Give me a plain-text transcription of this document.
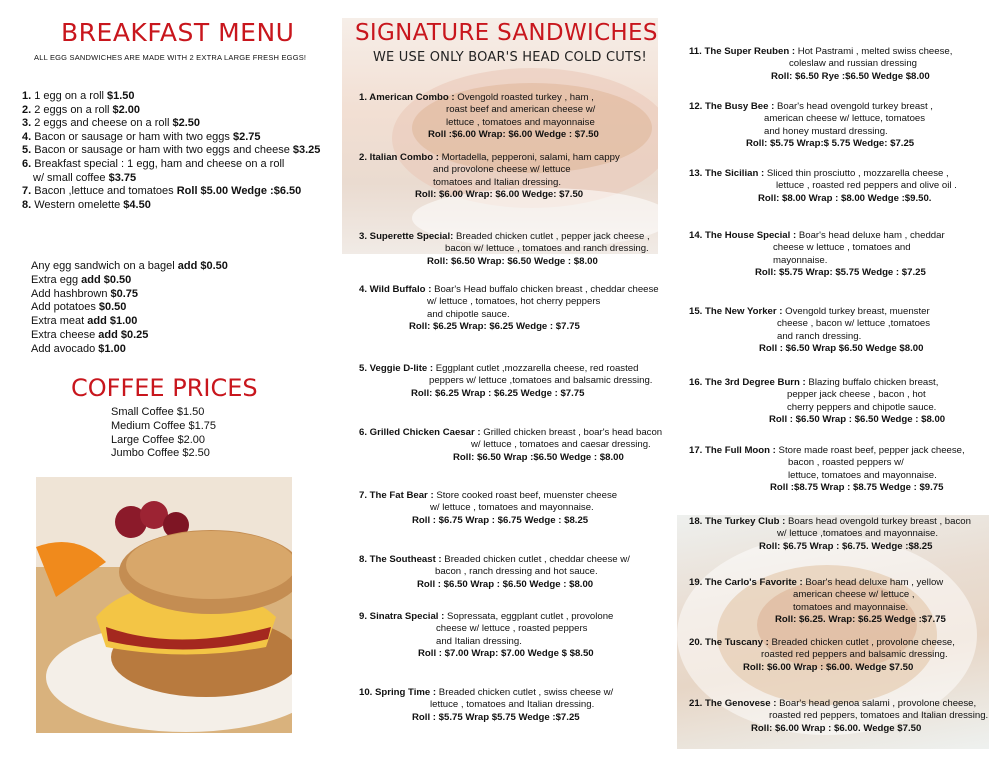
BREAKFAST MENU
ALL EGG SANDWICHES ARE MADE WITH 2 EXTRA LARGE FRESH EGGS!
1. 1 egg on a roll $1.50
2. 2 eggs on a roll $2.00
3. 2 eggs and cheese on a roll $2.50
4. Bacon or sausage or ham with two eggs $2.75
5. Bacon or sausage or ham with two eggs and cheese $3.25
6. Breakfast special : 1 egg, ham and cheese on a roll
w/ small coffee $3.75
7. Bacon ,lettuce and tomatoes Roll $5.00 Wedge :$6.50
8. Western omelette $4.50
Any egg sandwich on a bagel add $0.50
Extra egg add $0.50
Add hashbrown $0.75
Add potatoes $0.50
Extra meat add $1.00
Extra cheese add $0.25
Add avocado $1.00
COFFEE PRICES
Small Coffee $1.50
Medium Coffee $1.75
Large Coffee $2.00
Jumbo Coffee $2.50
SIGNATURE SANDWICHES
WE USE ONLY BOAR'S HEAD COLD CUTS!
1. American Combo : Ovengold roasted turkey , ham ,
roast beef and american cheese w/
lettuce , tomatoes and mayonnaise
Roll :$6.00 Wrap: $6.00 Wedge : $7.50
2. Italian Combo : Mortadella, pepperoni, salami, ham cappy
and provolone cheese w/ lettuce
tomatoes and Italian dressing.
Roll: $6.00 Wrap: $6.00 Wedge: $7.50
3. Superette Special: Breaded chicken cutlet , pepper jack cheese ,
bacon w/ lettuce , tomatoes and ranch dressing.
Roll: $6.50 Wrap: $6.50 Wedge : $8.00
4. Wild Buffalo : Boar's Head buffalo chicken breast , cheddar cheese
w/ lettuce , tomatoes, hot cherry peppers
and chipotle sauce.
Roll: $6.25 Wrap: $6.25 Wedge : $7.75
5. Veggie D-lite : Eggplant cutlet ,mozzarella cheese, red roasted
peppers w/ lettuce ,tomatoes and balsamic dressing.
Roll: $6.25 Wrap : $6.25 Wedge : $7.75
6. Grilled Chicken Caesar : Grilled chicken breast , boar's head bacon
w/ lettuce , tomatoes and caesar dressing.
Roll: $6.50 Wrap :$6.50 Wedge : $8.00
7. The Fat Bear : Store cooked roast beef, muenster cheese
w/ lettuce , tomatoes and mayonnaise.
Roll : $6.75 Wrap : $6.75 Wedge : $8.25
8. The Southeast : Breaded chicken cutlet , cheddar cheese w/
bacon , ranch dressing and hot sauce.
Roll : $6.50 Wrap : $6.50 Wedge : $8.00
9. Sinatra Special : Sopressata, eggplant cutlet , provolone
cheese w/ lettuce , roasted peppers
and Italian dressing.
Roll : $7.00 Wrap: $7.00 Wedge $ $8.50
10. Spring Time : Breaded chicken cutlet , swiss cheese w/
lettuce , tomatoes and Italian dressing.
Roll : $5.75 Wrap $5.75 Wedge :$7.25
11. The Super Reuben : Hot Pastrami , melted swiss cheese,
coleslaw and russian dressing
Roll: $6.50 Rye :$6.50 Wedge $8.00
12. The Busy Bee : Boar's head ovengold turkey breast ,
american cheese w/ lettuce, tomatoes
and honey mustard dressing.
Roll: $5.75 Wrap:$ 5.75 Wedge: $7.25
13. The Sicilian : Sliced thin prosciutto , mozzarella cheese ,
lettuce , roasted red peppers and olive oil .
Roll: $8.00 Wrap : $8.00 Wedge :$9.50.
14. The House Special : Boar's head deluxe ham , cheddar
cheese w lettuce , tomatoes and
mayonnaise.
Roll: $5.75 Wrap: $5.75 Wedge : $7.25
15. The New Yorker : Ovengold turkey breast, muenster
cheese , bacon w/ lettuce ,tomatoes
and ranch dressing.
Roll : $6.50 Wrap $6.50 Wedge $8.00
16. The 3rd Degree Burn : Blazing buffalo chicken breast,
pepper jack cheese , bacon , hot
cherry peppers and chipotle sauce.
Roll : $6.50 Wrap : $6.50 Wedge : $8.00
17. The Full Moon : Store made roast beef, pepper jack cheese,
bacon , roasted peppers w/
lettuce, tomatoes and mayonnaise.
Roll :$8.75 Wrap : $8.75 Wedge : $9.75
18. The Turkey Club : Boars head ovengold turkey breast , bacon
w/ lettuce ,tomatoes and mayonnaise.
Roll: $6.75 Wrap : $6.75. Wedge :$8.25
19. The Carlo's Favorite : Boar's head deluxe ham , yellow
american cheese w/ lettuce ,
tomatoes and mayonnaise.
Roll: $6.25. Wrap: $6.25 Wedge :$7.75
20. The Tuscany : Breaded chicken cutlet , provolone cheese,
roasted red peppers and balsamic dressing.
Roll: $6.00 Wrap : $6.00. Wedge $7.50
21. The Genovese : Boar's head genoa salami , provolone cheese,
roasted red peppers, tomatoes and Italian dressing.
Roll: $6.00 Wrap : $6.00. Wedge $7.50
